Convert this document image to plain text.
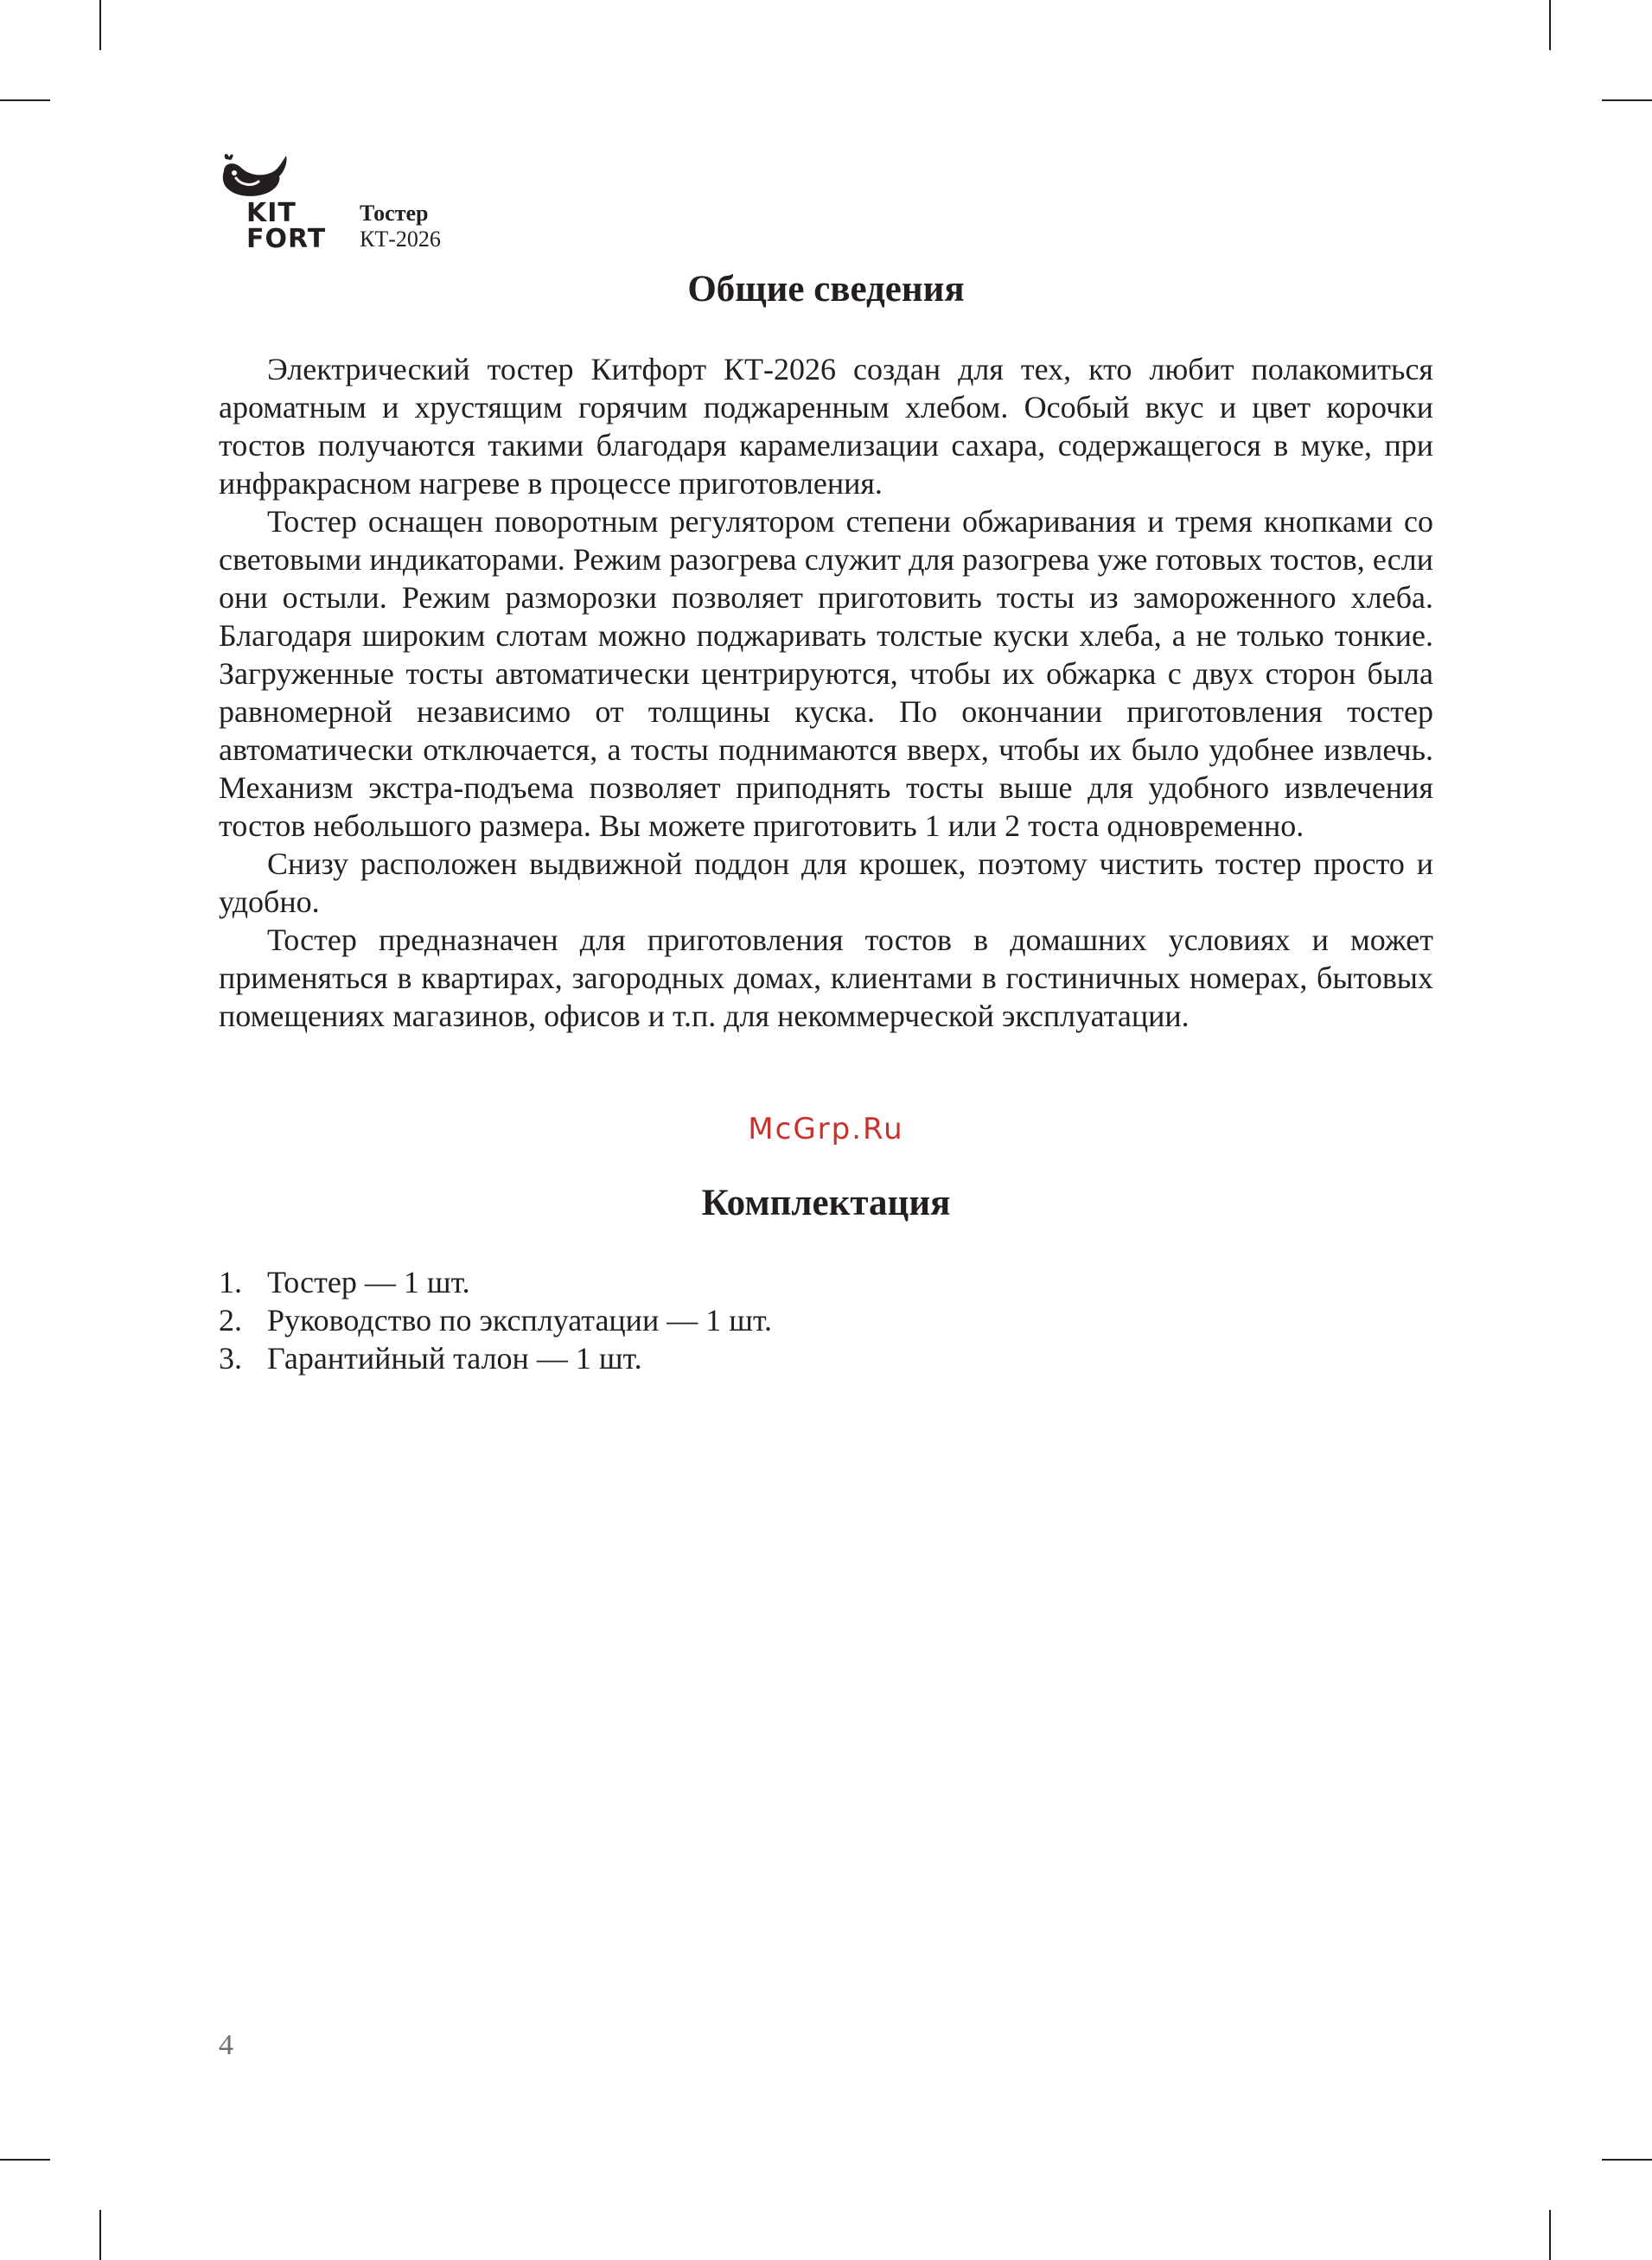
KIT
FORT
Тостер
КТ-2026
Общие сведения

Электрический тостер Китфорт КТ-2026 создан для тех, кто любит полакомиться ароматным и хрустящим горячим поджаренным хлебом. Особый вкус и цвет корочки тостов получаются такими благодаря карамелизации сахара, содержащегося в муке, при инфракрасном нагреве в процессе приготовления.

Тостер оснащен поворотным регулятором степени обжаривания и тремя кнопками со световыми индикаторами. Режим разогрева служит для разогрева уже готовых тостов, если они остыли. Режим разморозки позволяет приготовить тосты из замороженного хлеба. Благодаря широким слотам можно поджаривать толстые куски хлеба, а не только тонкие. Загруженные тосты автоматически центрируются, чтобы их обжарка с двух сторон была равномерной независимо от толщины куска. По окончании приготовления тостер автоматически отключается, а тосты поднимаются вверх, чтобы их было удобнее извлечь. Механизм экстра-подъема позволяет приподнять тосты выше для удобного извлечения тостов небольшого размера. Вы можете приготовить 1 или 2 тоста одновременно.

Снизу расположен выдвижной поддон для крошек, поэтому чистить тостер просто и удобно.

Тостер предназначен для приготовления тостов в домашних условиях и может применяться в квартирах, загородных домах, клиентами в гостиничных номерах, бытовых помещениях магазинов, офисов и т.п. для некоммерческой эксплуатации.

McGrp.Ru
Комплектация
1. Тостер — 1 шт.
2. Руководство по эксплуатации — 1 шт.
3. Гарантийный талон — 1 шт.
4
